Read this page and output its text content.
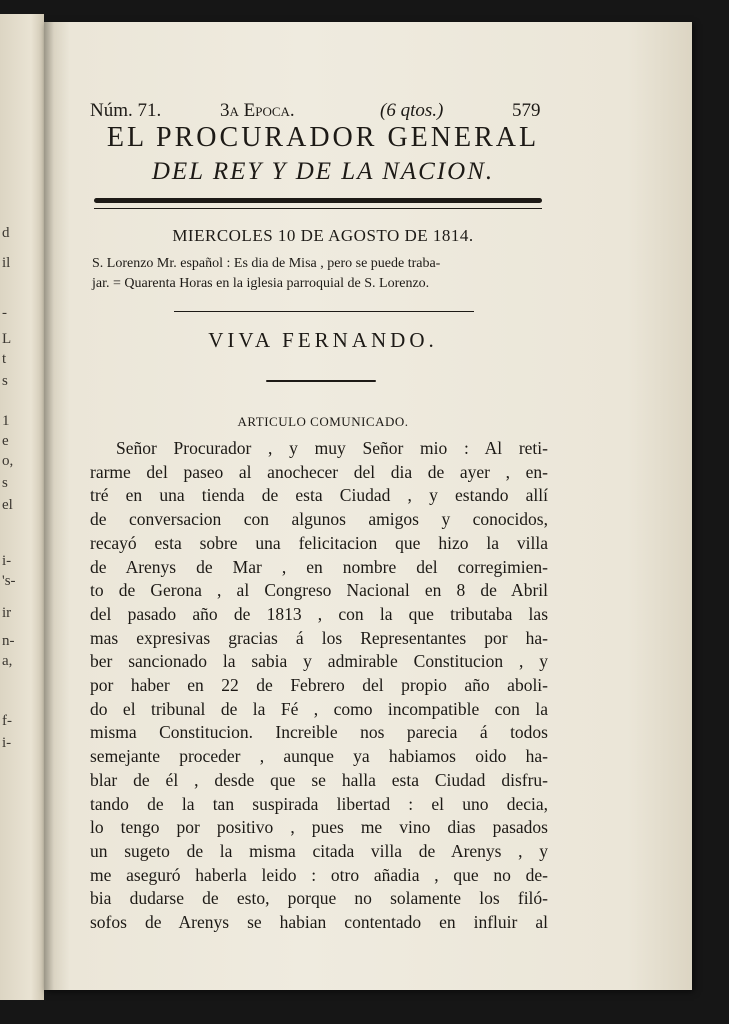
d
il
-
L
t
s
1
e
o,
s
el
i-
's-
ir
n-
a,
f-
i-
Núm. 71.	3a Epoca.	(6 qtos.)	579
EL PROCURADOR GENERAL
DEL REY Y DE LA NACION.
MIERCOLES 10 DE AGOSTO DE 1814.
S. Lorenzo Mr. español : Es dia de Misa , pero se puede traba-
jar. = Quarenta Horas en la iglesia parroquial de S. Lorenzo.
VIVA FERNANDO.
ARTICULO COMUNICADO.
Señor Procurador , y muy Señor mio : Al reti-
rarme del paseo al anochecer del dia de ayer , en-
tré en una tienda de esta Ciudad , y estando allí
de conversacion con algunos amigos y conocidos,
recayó esta sobre una felicitacion que hizo la villa
de Arenys de Mar , en nombre del corregimien-
to de Gerona , al Congreso Nacional en 8 de Abril
del pasado año de 1813 , con la que tributaba las
mas expresivas gracias á los Representantes por ha-
ber sancionado la sabia y admirable Constitucion , y
por haber en 22 de Febrero del propio año aboli-
do el tribunal de la Fé , como incompatible con la
misma Constitucion. Increible nos parecia á todos
semejante proceder , aunque ya habiamos oido ha-
blar de él , desde que se halla esta Ciudad disfru-
tando de la tan suspirada libertad : el uno decia,
lo tengo por positivo , pues me vino dias pasados
un sugeto de la misma citada villa de Arenys , y
me aseguró haberla leido : otro añadia , que no de-
bia dudarse de esto, porque no solamente los filó-
sofos de Arenys se habian contentado en influir al
